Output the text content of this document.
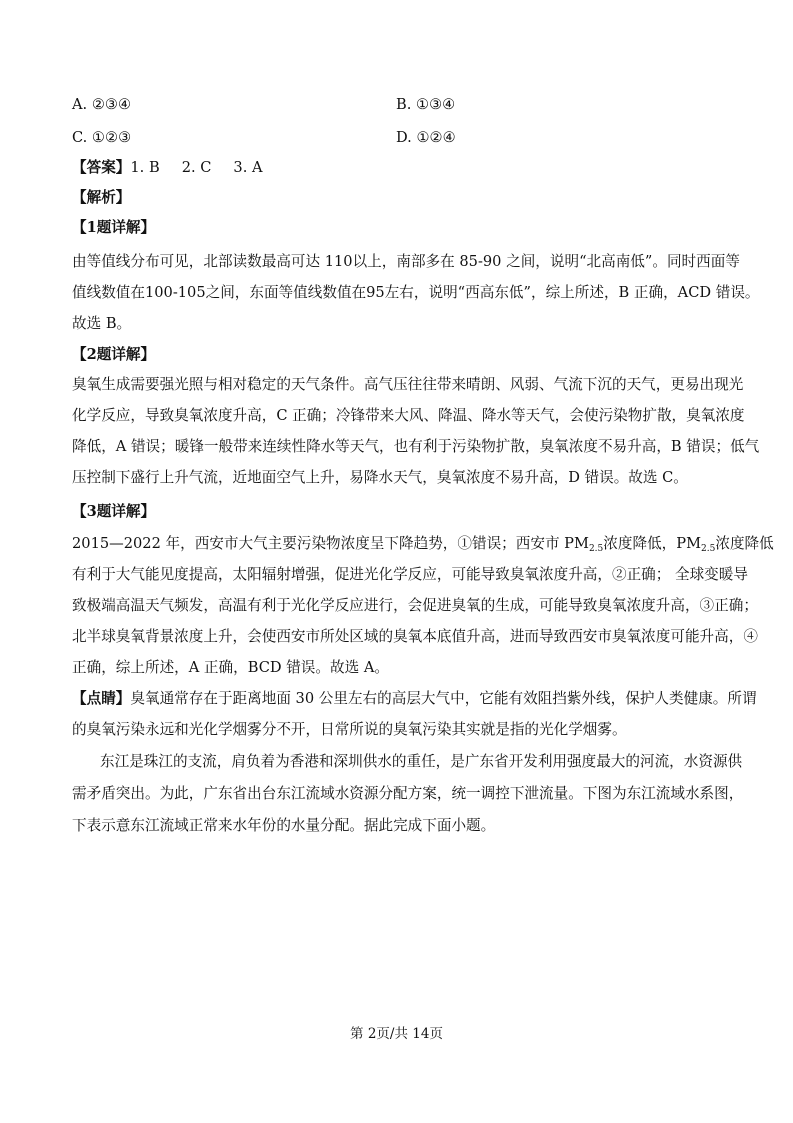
A. ②③④	B. ①③④
C. ①②③	D. ①②④
【答案】1. B 2. C 3. A
【解析】
【1题详解】
由等值线分布可见，北部读数最高可达 110以上，南部多在 85-90 之间，说明“北高南低”。同时西面等
值线数值在100-105之间，东面等值线数值在95左右，说明“西高东低”，综上所述，B 正确，ACD 错误。
故选 B。
【2题详解】
臭氧生成需要强光照与相对稳定的天气条件。高气压往往带来晴朗、风弱、气流下沉的天气，更易出现光
化学反应，导致臭氧浓度升高，C 正确；冷锋带来大风、降温、降水等天气，会使污染物扩散，臭氧浓度
降低，A 错误；暖锋一般带来连续性降水等天气，也有利于污染物扩散，臭氧浓度不易升高，B 错误；低气
压控制下盛行上升气流，近地面空气上升，易降水天气，臭氧浓度不易升高，D 错误。故选 C。
【3题详解】
2015—2022 年，西安市大气主要污染物浓度呈下降趋势，①错误；西安市 $PM_{2.5}$浓度降低，$PM_{2.5}$浓度降低
有利于大气能见度提高，太阳辐射增强，促进光化学反应，可能导致臭氧浓度升高，②正确； 全球变暖导
致极端高温天气频发，高温有利于光化学反应进行，会促进臭氧的生成，可能导致臭氧浓度升高，③正确；
北半球臭氧背景浓度上升，会使西安市所处区域的臭氧本底值升高，进而导致西安市臭氧浓度可能升高，④
正确，综上所述，A 正确，BCD 错误。故选 A。
【点睛】臭氧通常存在于距离地面 30 公里左右的高层大气中，它能有效阻挡紫外线，保护人类健康。所谓
的臭氧污染永远和光化学烟雾分不开，日常所说的臭氧污染其实就是指的光化学烟雾。
东江是珠江的支流，肩负着为香港和深圳供水的重任，是广东省开发利用强度最大的河流，水资源供
需矛盾突出。为此，广东省出台东江流域水资源分配方案，统一调控下泄流量。下图为东江流域水系图，
下表示意东江流域正常来水年份的水量分配。据此完成下面小题。
第 2页/共 14页
